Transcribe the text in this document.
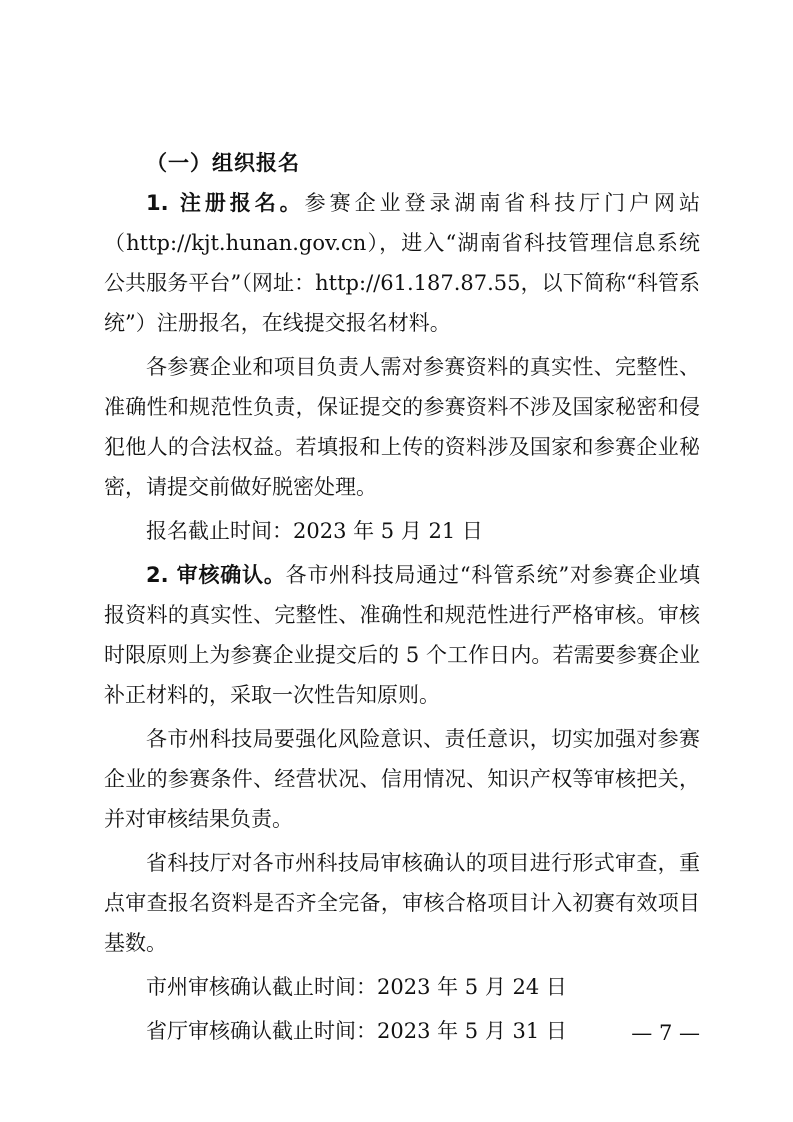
（一）组织报名

1. 注册报名。参赛企业登录湖南省科技厅门户网站（http://kjt.hunan.gov.cn），进入“湖南省科技管理信息系统公共服务平台”（网址：http://61.187.87.55，以下简称“科管系统”）注册报名，在线提交报名材料。

各参赛企业和项目负责人需对参赛资料的真实性、完整性、准确性和规范性负责，保证提交的参赛资料不涉及国家秘密和侵犯他人的合法权益。若填报和上传的资料涉及国家和参赛企业秘密，请提交前做好脱密处理。

报名截止时间：2023 年 5 月 21 日

2. 审核确认。各市州科技局通过“科管系统”对参赛企业填报资料的真实性、完整性、准确性和规范性进行严格审核。审核时限原则上为参赛企业提交后的 5 个工作日内。若需要参赛企业补正材料的，采取一次性告知原则。

各市州科技局要强化风险意识、责任意识，切实加强对参赛企业的参赛条件、经营状况、信用情况、知识产权等审核把关，并对审核结果负责。

省科技厅对各市州科技局审核确认的项目进行形式审查，重点审查报名资料是否齐全完备，审核合格项目计入初赛有效项目基数。

市州审核确认截止时间：2023 年 5 月 24 日

省厅审核确认截止时间：2023 年 5 月 31 日	— 7 —
